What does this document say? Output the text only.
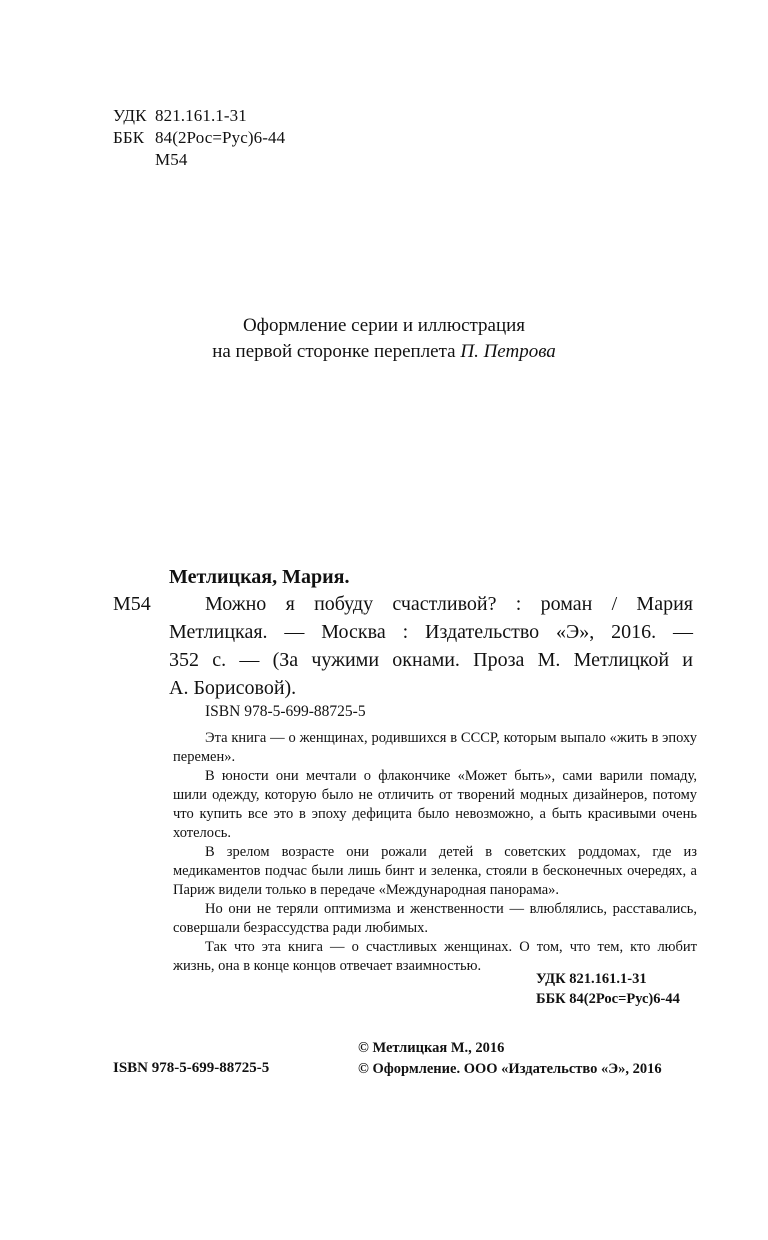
УДК 821.161.1-31
ББК 84(2Рос=Рус)6-44
М54
Оформление серии и иллюстрация
на первой сторонке переплета П. Петрова
Метлицкая, Мария.
М54	Можно я побуду счастливой? : роман / Мария

Метлицкая. — Москва : Издательство «Э», 2016. —

352 с. — (За чужими окнами. Проза М. Метлицкой и

А. Борисовой).

ISBN 978-5-699-88725-5

Эта книга — о женщинах, родившихся в СССР, которым выпало «жить в эпоху перемен».

В юности они мечтали о флакончике «Может быть», сами варили помаду, шили одежду, которую было не отличить от творений модных дизайнеров, потому что купить все это в эпоху дефицита было невозможно, а быть красивыми очень хотелось.

В зрелом возрасте они рожали детей в советских роддомах, где из медикаментов подчас были лишь бинт и зеленка, стояли в бесконечных очередях, а Париж видели только в передаче «Международная панорама».

Но они не теряли оптимизма и женственности — влюблялись, расставались, совершали безрассудства ради любимых.

Так что эта книга — о счастливых женщинах. О том, что тем, кто любит жизнь, она в конце концов отвечает взаимностью.

УДК 821.161.1-31
ББК 84(2Рос=Рус)6-44
ISBN 978-5-699-88725-5
© Метлицкая М., 2016
© Оформление. ООО «Издательство «Э», 2016
